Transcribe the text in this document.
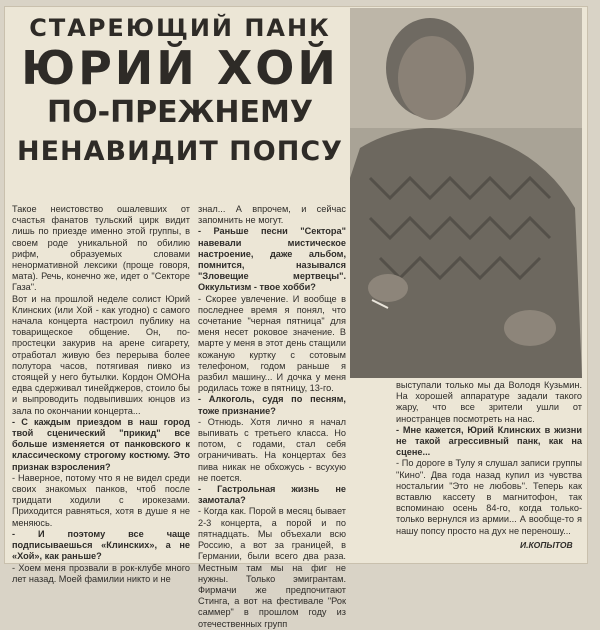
СТАРЕЮЩИЙ ПАНК
ЮРИЙ ХОЙ
ПО-ПРЕЖНЕМУ
НЕНАВИДИТ ПОПСУ

Такое неистовство ошалевших от счастья фанатов тульский цирк видит лишь по приезде именно этой группы, в своем роде уникальной по обилию рифм, образуемых словами ненормативной лексики (проще говоря, мата). Речь, конечно же, идет о "Секторе Газа".

Вот и на прошлой неделе солист Юрий Клинских (или Хой - как угодно) с самого начала концерта настроил публику на товарищеское общение. Он, по-простецки закурив на арене сигарету, отработал живую без перерыва более полутора часов, потягивая пивко из стоящей у него бутылки. Кордон ОМОНа едва сдерживал тинейджеров, стоило бы и выпроводить подвыпивших юнцов из зала по окончании концерта...

- С каждым приездом в наш город твой сценический "прикид" все больше изменяется от панковского к классическому строгому костюму. Это признак взросления?

- Наверное, потому что я не видел среди своих знакомых панков, чтоб после тридцати ходили с ирокезами. Приходится равняться, хотя в душе я не меняюсь.

- И поэтому все чаще подписываешься «Клинских», а не «Хой», как раньше?

- Хоем меня прозвали в рок-клубе много лет назад. Моей фамилии никто и не

знал... А впрочем, и сейчас запомнить не могут.

- Раньше песни "Сектора" навевали мистическое настроение, даже альбом, помнится, назывался "Зловещие мертвецы". Оккультизм - твое хобби?

- Скорее увлечение. И вообще в последнее время я понял, что сочетание "черная пятница" для меня несет роковое значение. В марте у меня в этот день стащили кожаную куртку с сотовым телефоном, годом раньше я разбил машину... И дочка у меня родилась тоже в пятницу, 13-го.

- Алкоголь, судя по песням, тоже признание?

- Отнюдь. Хотя лично я начал выпивать с третьего класса. Но потом, с годами, стал себя ограничивать. На концертах без пива никак не обхожусь - всухую не поется.

- Гастрольная жизнь не замотала?

- Когда как. Порой в месяц бывает 2-3 концерта, а порой и по пятнадцать. Мы объехали всю Россию, а вот за границей, в Германии, были всего два раза. Местным там мы на фиг не нужны. Только эмигрантам. Фирмачи же предпочитают Стинга, а вот на фестивале "Рок саммер" в прошлом году из отечественных групп

выступали только мы да Володя Кузьмин. На хорошей аппаратуре задали такого жару, что все зрители ушли от иностранцев посмотреть на нас.

- Мне кажется, Юрий Клинских в жизни не такой агрессивный панк, как на сцене...

- По дороге в Тулу я слушал записи группы "Кино". Два года назад купил из чувства ностальгии "Это не любовь". Теперь как вставлю кассету в магнитофон, так вспоминаю осень 84-го, когда только-только вернулся из армии... А вообще-то я нашу попсу просто на дух не переношу...

И.КОПЫТОВ
